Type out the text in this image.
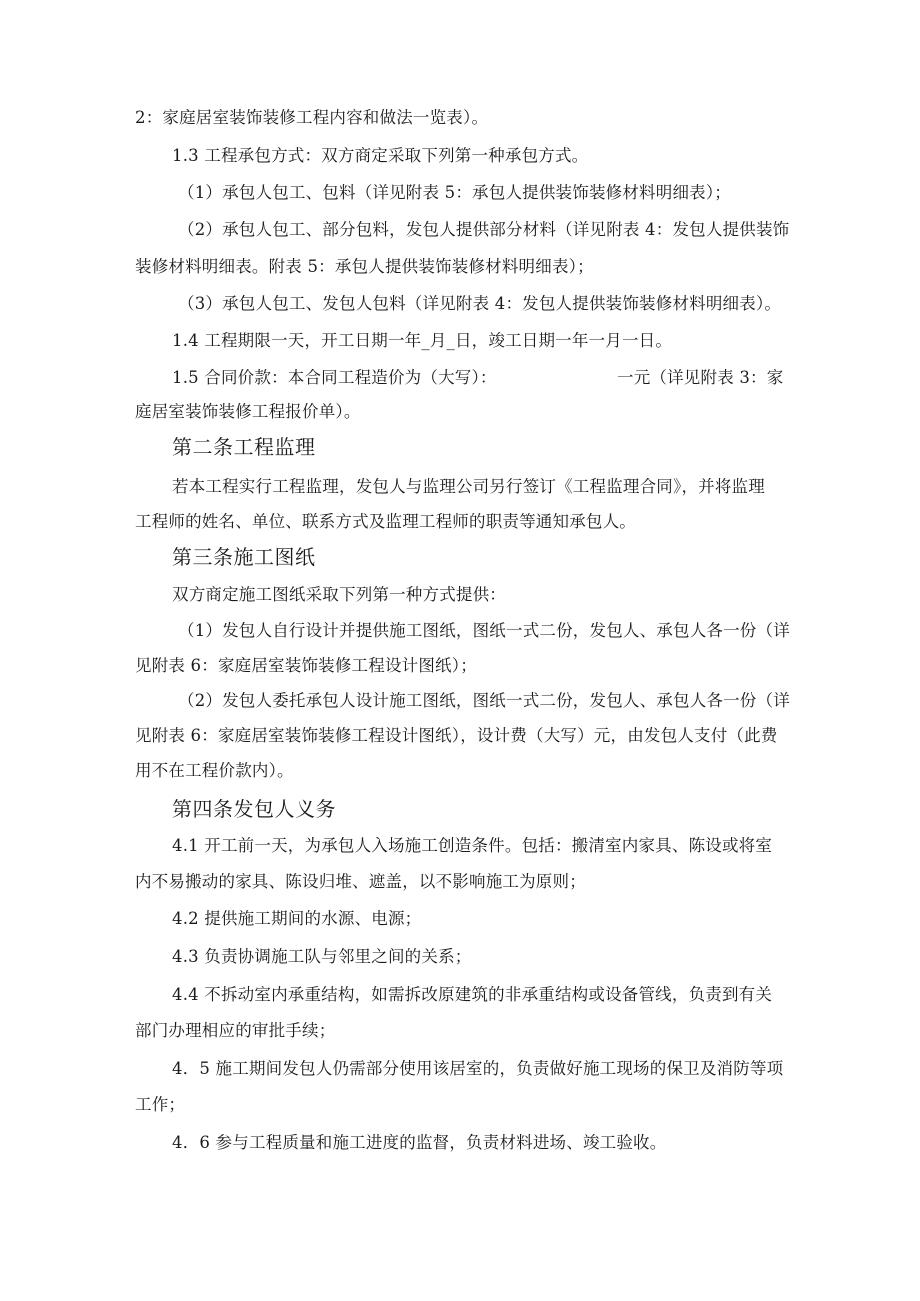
2：家庭居室装饰装修工程内容和做法一览表）。
1.3 工程承包方式：双方商定采取下列第一种承包方式。
（1）承包人包工、包料（详见附表 5：承包人提供装饰装修材料明细表）；
（2）承包人包工、部分包料，发包人提供部分材料（详见附表 4：发包人提供装饰
装修材料明细表。附表 5：承包人提供装饰装修材料明细表）；
（3）承包人包工、发包人包料（详见附表 4：发包人提供装饰装修材料明细表）。
1.4 工程期限一天，开工日期一年_月_日，竣工日期一年一月一日。
1.5 合同价款：本合同工程造价为（大写）：	一元（详见附表 3：家
庭居室装饰装修工程报价单）。
第二条工程监理
若本工程实行工程监理，发包人与监理公司另行签订《工程监理合同》，并将监理
工程师的姓名、单位、联系方式及监理工程师的职责等通知承包人。
第三条施工图纸
双方商定施工图纸采取下列第一种方式提供：
（1）发包人自行设计并提供施工图纸，图纸一式二份，发包人、承包人各一份（详
见附表 6：家庭居室装饰装修工程设计图纸）；
（2）发包人委托承包人设计施工图纸，图纸一式二份，发包人、承包人各一份（详
见附表 6：家庭居室装饰装修工程设计图纸），设计费（大写）元，由发包人支付（此费
用不在工程价款内）。
第四条发包人义务
4.1 开工前一天，为承包人入场施工创造条件。包括：搬清室内家具、陈设或将室
内不易搬动的家具、陈设归堆、遮盖，以不影响施工为原则；
4.2 提供施工期间的水源、电源；
4.3 负责协调施工队与邻里之间的关系；
4.4 不拆动室内承重结构，如需拆改原建筑的非承重结构或设备管线，负责到有关
部门办理相应的审批手续；
4．5 施工期间发包人仍需部分使用该居室的，负责做好施工现场的保卫及消防等项
工作；
4．6 参与工程质量和施工进度的监督，负责材料进场、竣工验收。
